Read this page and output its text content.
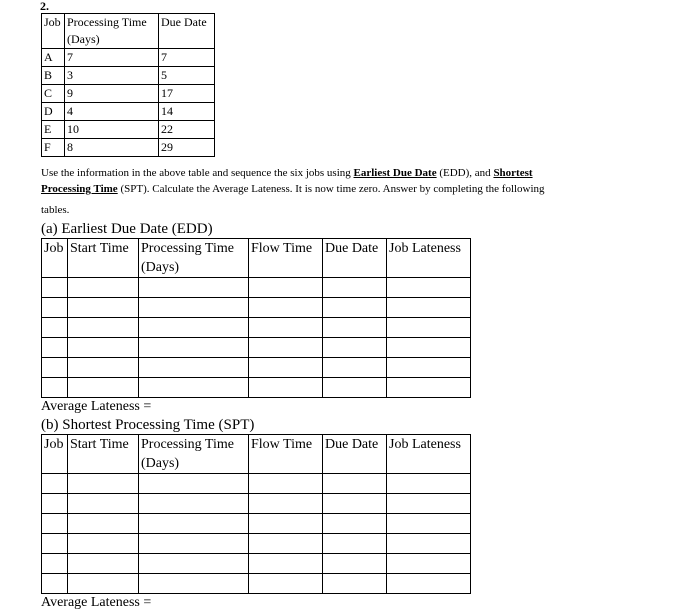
2.
Job	Processing Time (Days)	Due Date
A	7	7
B	3	5
C	9	17
D	4	14
E	10	22
F	8	29
Use the information in the above table and sequence the six jobs using Earliest Due Date (EDD), and Shortest
Processing Time (SPT). Calculate the Average Lateness. It is now time zero. Answer by completing the following
tables.
(a) Earliest Due Date (EDD)
Job	Start Time	Processing Time (Days)	Flow Time	Due Date	Job Lateness

Average Lateness =
(b) Shortest Processing Time (SPT)
Job	Start Time	Processing Time (Days)	Flow Time	Due Date	Job Lateness

Average Lateness =
